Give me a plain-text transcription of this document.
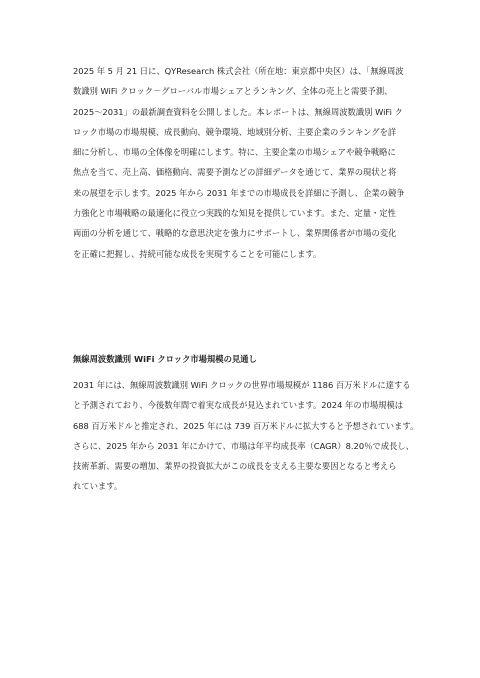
2025 年 5 月 21 日に、QYResearch 株式会社（所在地：東京都中央区）は、「無線周波
数識別 WiFi クロック－グローバル市場シェアとランキング、全体の売上と需要予測、
2025～2031」の最新調査資料を公開しました。本レポートは、無線周波数識別 WiFi ク
ロック市場の市場規模、成長動向、競争環境、地域別分析、主要企業のランキングを詳
細に分析し、市場の全体像を明確にします。特に、主要企業の市場シェアや競争戦略に
焦点を当て、売上高、価格動向、需要予測などの詳細データを通じて、業界の現状と将
来の展望を示します。2025 年から 2031 年までの市場成長を詳細に予測し、企業の競争
力強化と市場戦略の最適化に役立つ実践的な知見を提供しています。また、定量・定性
両面の分析を通じて、戦略的な意思決定を強力にサポートし、業界関係者が市場の変化
を正確に把握し、持続可能な成長を実現することを可能にします。

無線周波数識別 WiFi クロック市場規模の見通し

2031 年には、無線周波数識別 WiFi クロックの世界市場規模が 1186 百万米ドルに達する
と予測されており、今後数年間で着実な成長が見込まれています。2024 年の市場規模は
688 百万米ドルと推定され、2025 年には 739 百万米ドルに拡大すると予想されています。
さらに、2025 年から 2031 年にかけて、市場は年平均成長率（CAGR）8.20％で成長し、
技術革新、需要の増加、業界の投資拡大がこの成長を支える主要な要因となると考えら
れています。
